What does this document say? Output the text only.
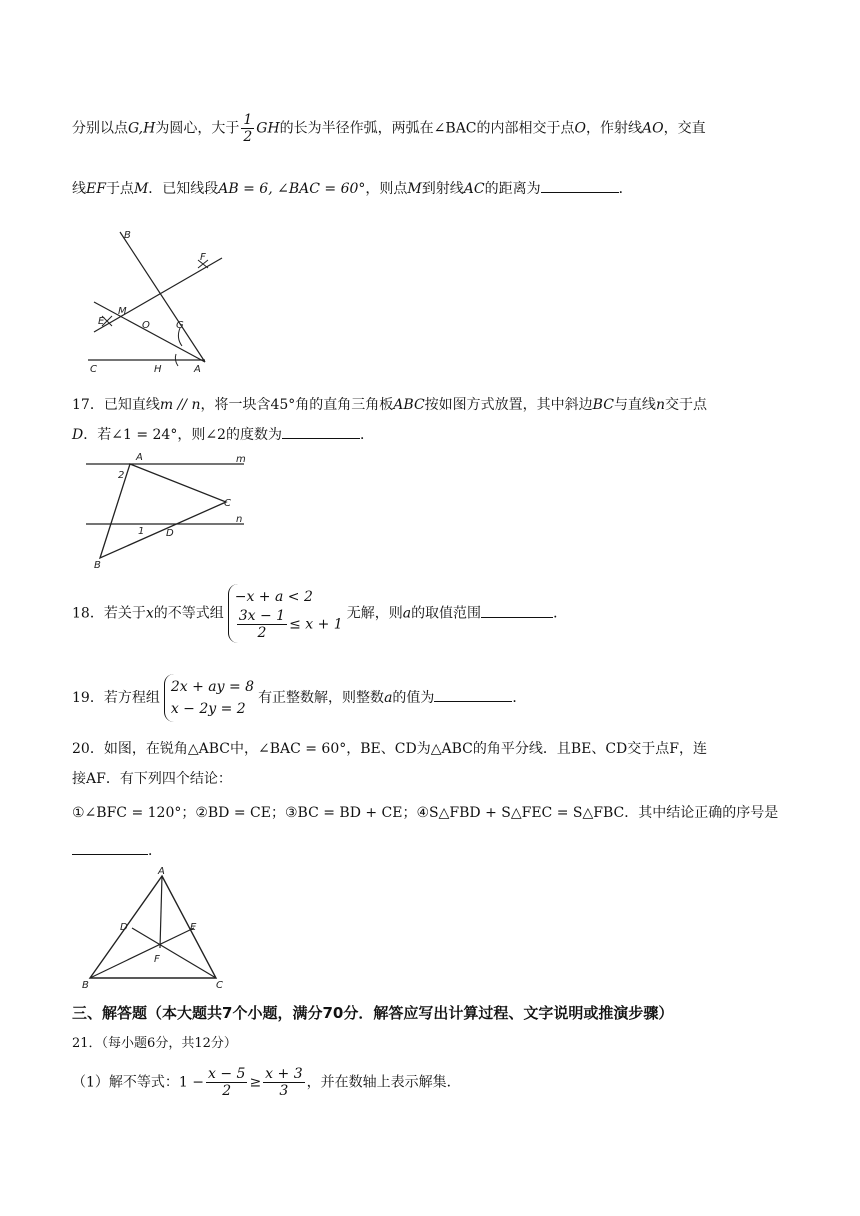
分别以点G,H为圆心，大于 $\frac{1}{2}$ GH的长为半径作弧，两弧在∠BAC的内部相交于点O，作射线AO，交直
线EF于点M．已知线段AB = 6, ∠BAC = 60°，则点M到射线AC的距离为	．
B
F
M
E	O	G
C	H	A
17．已知直线m // n，将一块含45°角的直角三角板ABC按如图方式放置，其中斜边BC与直线n交于点
D．若∠1 = 24°，则∠2的度数为	．
A	m
2
C
n
1 D
B
18．若关于x的不等式组
−x + a < 2
$\frac{3x - 1}{2} \le x + 1$
无解，则a的取值范围	．
19．若方程组
2x + ay = 8
x − 2y = 2
有正整数解，则整数a的值为	．
20．如图，在锐角△ABC中，∠BAC = 60°，BE、CD为△ABC的角平分线．且BE、CD交于点F，连
接AF．有下列四个结论：
①∠BFC = 120°；②BD = CE；③BC = BD + CE；④S△FBD + S△FEC = S△FBC．其中结论正确的序号是
．
A
D	E
F
B	C
三、解答题（本大题共7个小题，满分70分．解答应写出计算过程、文字说明或推演步骤）
21．（每小题6分，共12分）
（1）解不等式：$1 - \frac{x - 5}{2} \ge \frac{x + 3}{3}$ ，并在数轴上表示解集．
